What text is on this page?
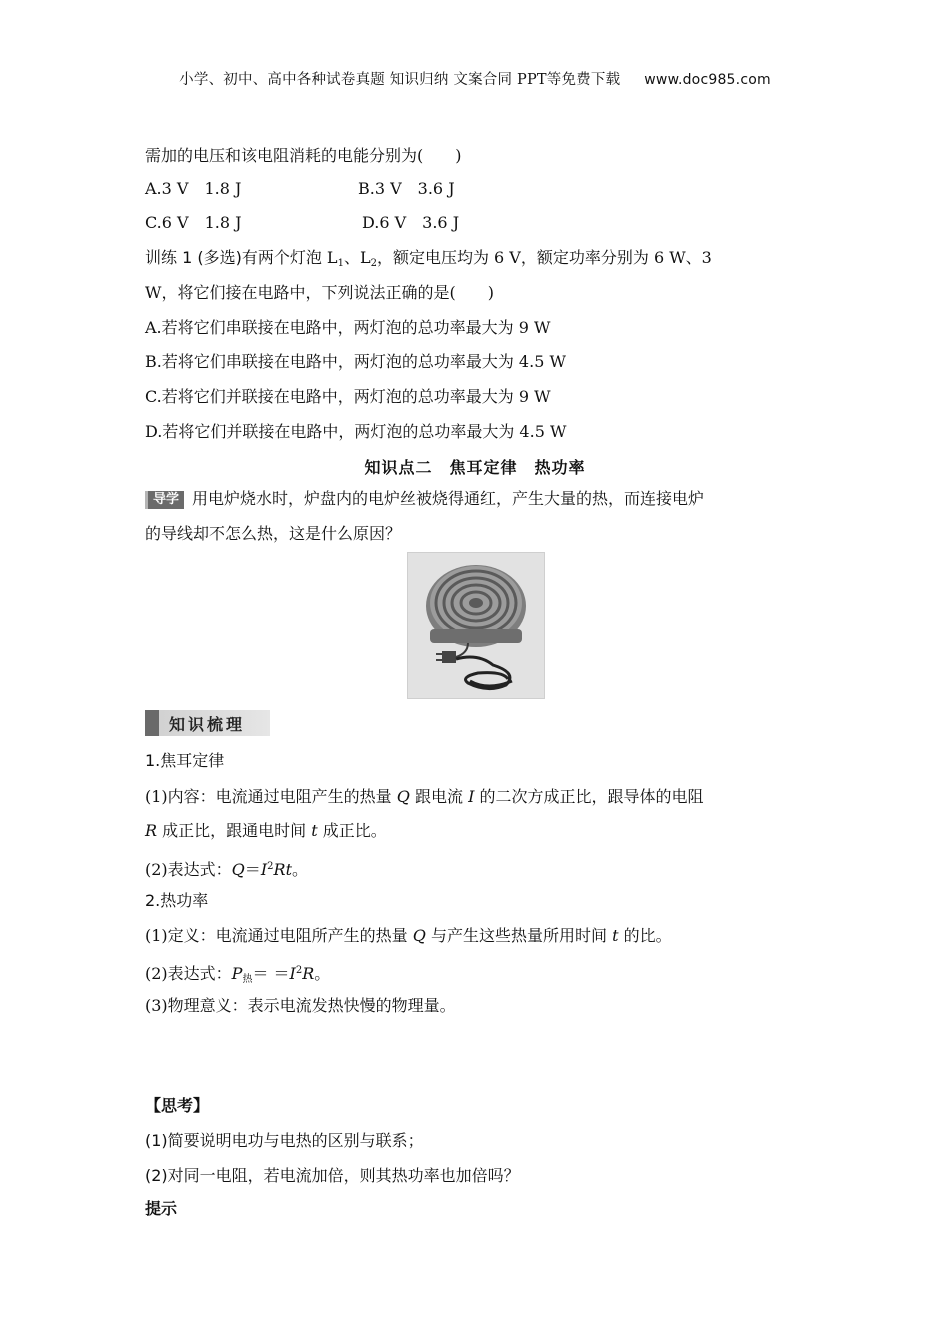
小学、初中、高中各种试卷真题 知识归纳 文案合同 PPT等免费下载 www.doc985.com
需加的电压和该电阻消耗的电能分别为(　　)
A.3 V　1.8 J	B.3 V　3.6 J
C.6 V　1.8 J	D.6 V　3.6 J
训练 1 (多选)有两个灯泡 $L_1$、$L_2$，额定电压均为 6 V，额定功率分别为 6 W、3
W，将它们接在电路中，下列说法正确的是(　　)
A.若将它们串联接在电路中，两灯泡的总功率最大为 9 W
B.若将它们串联接在电路中，两灯泡的总功率最大为 4.5 W
C.若将它们并联接在电路中，两灯泡的总功率最大为 9 W
D.若将它们并联接在电路中，两灯泡的总功率最大为 4.5 W
知识点二　焦耳定律　热功率
导学 用电炉烧水时，炉盘内的电炉丝被烧得通红，产生大量的热，而连接电炉
的导线却不怎么热，这是什么原因？
知识梳理
1.焦耳定律
(1)内容：电流通过电阻产生的热量 Q 跟电流 I 的二次方成正比，跟导体的电阻
R 成正比，跟通电时间 t 成正比。
(2)表达式：$Q=I^2Rt$。
2.热功率
(1)定义：电流通过电阻所产生的热量 Q 与产生这些热量所用时间 t 的比。
(2)表达式：P热＝ $=I^2R$。
(3)物理意义：表示电流发热快慢的物理量。
【思考】
(1)简要说明电功与电热的区别与联系；
(2)对同一电阻，若电流加倍，则其热功率也加倍吗？
提示
